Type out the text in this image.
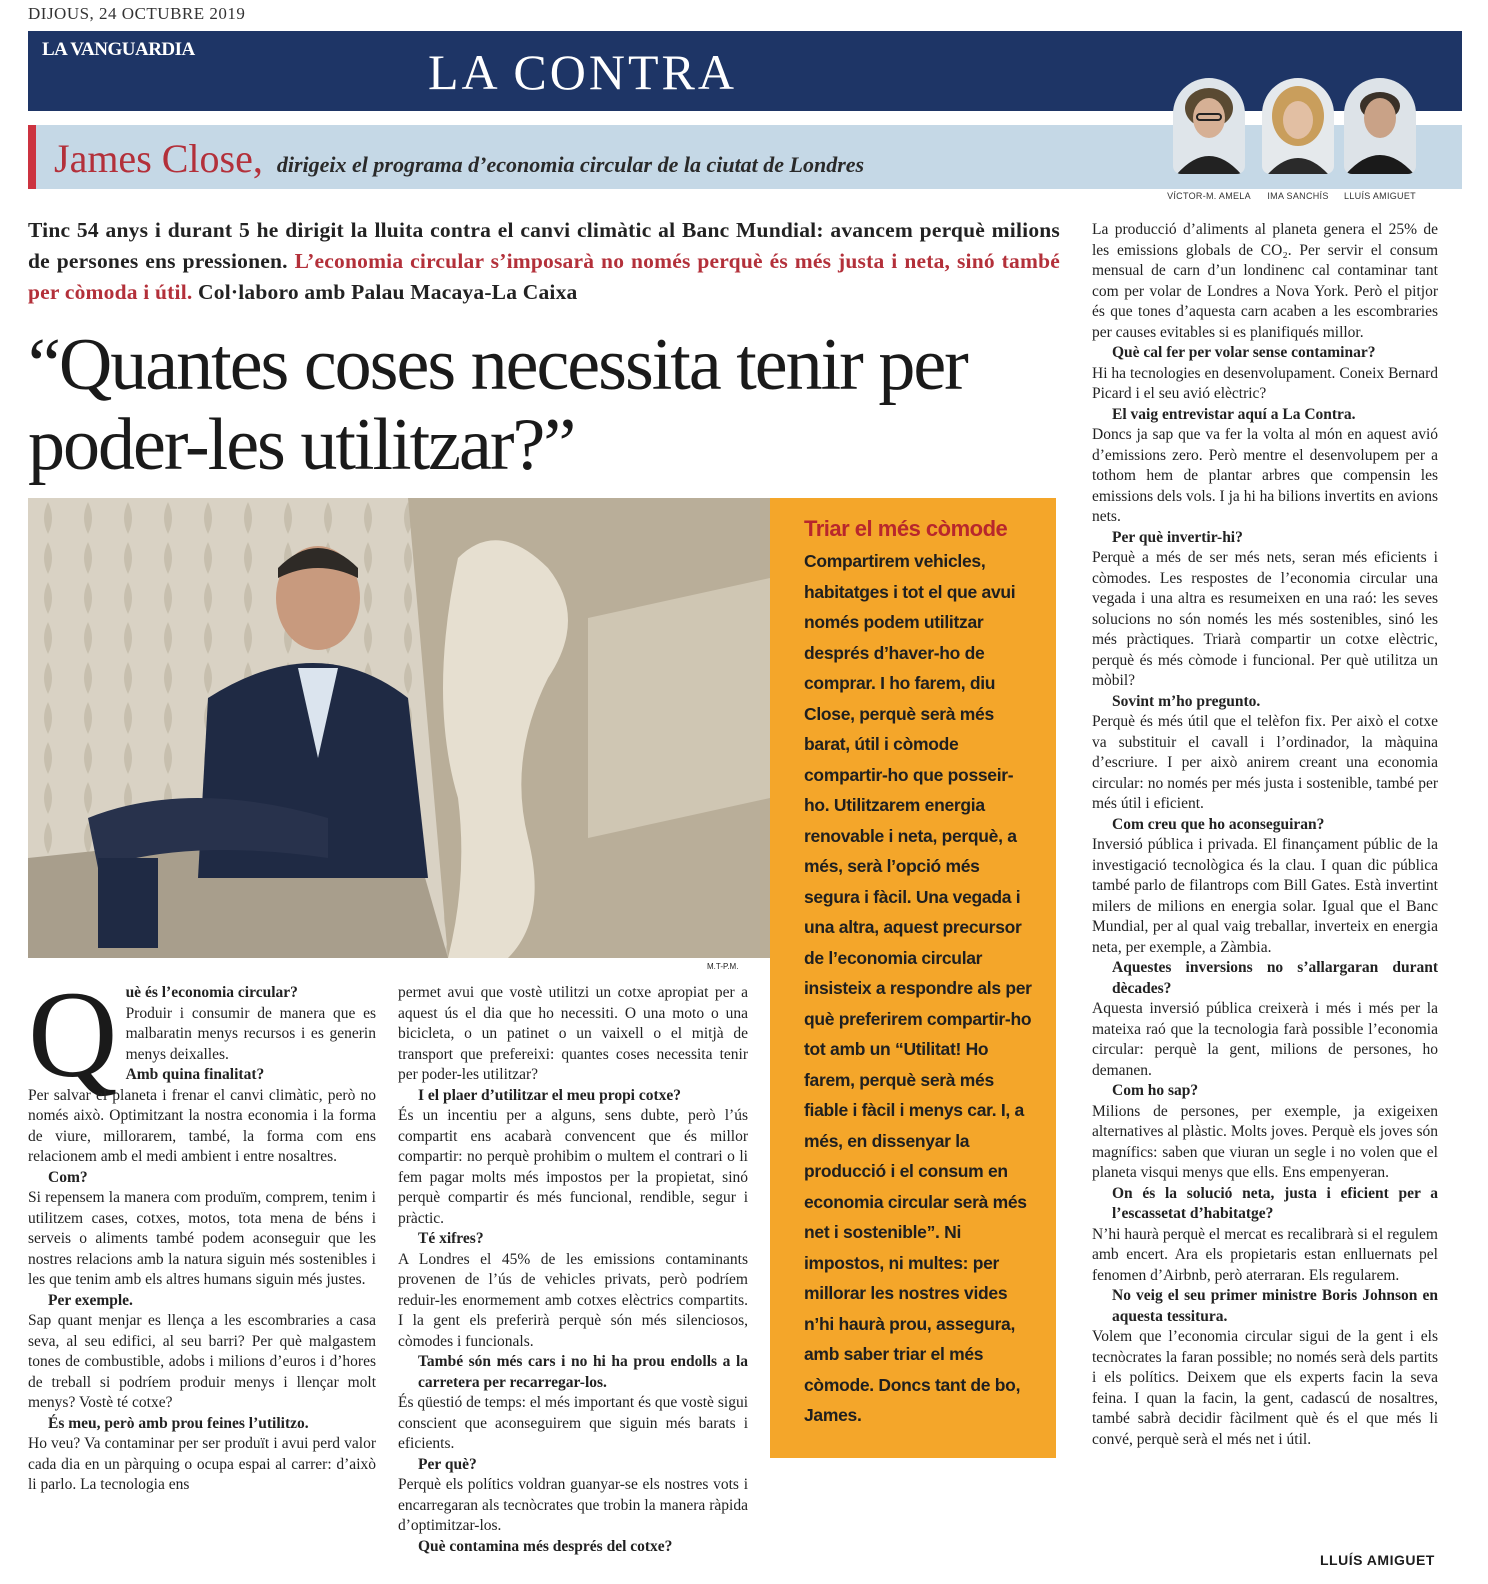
DIJOUS, 24 OCTUBRE 2019
LA VANGUARDIA	LA CONTRA
James Close, dirigeix el programa d’economia circular de la ciutat de Londres
VÍCTOR-M. AMELA	IMA SANCHÍS	LLUÍS AMIGUET
Tinc 54 anys i durant 5 he dirigit la lluita contra el canvi climàtic al Banc Mundial: avancem perquè milions de persones ens pressionen. L’economia circular s’imposarà no només perquè és més justa i neta, sinó també per còmoda i útil. Col·laboro amb Palau Macaya-La Caixa
“Quantes coses necessita tenir per poder-les utilitzar?”
M.T-P.M.
Triar el més còmode
Compartirem vehicles, habitatges i tot el que avui només podem utilitzar després d’haver-ho de comprar. I ho farem, diu Close, perquè serà més barat, útil i còmode compartir-ho que posseir-ho. Utilitzarem energia renovable i neta, perquè, a més, serà l’opció més segura i fàcil. Una vegada i una altra, aquest precursor de l’economia circular insisteix a respondre als per què preferirem compartir-ho tot amb un “Utilitat! Ho farem, perquè serà més fiable i fàcil i menys car. I, a més, en dissenyar la producció i el consum en economia circular serà més net i sostenible”. Ni impostos, ni multes: per millorar les nostres vides n’hi haurà prou, assegura, amb saber triar el més còmode. Doncs tant de bo, James.
Q uè és l’economia circular?

Produir i consumir de manera que es malbaratin menys recursos i es generin menys deixalles.

Amb quina finalitat?

Per salvar el planeta i frenar el canvi climàtic, però no només això. Optimitzant la nostra economia i la forma de viure, millorarem, també, la forma com ens relacionem amb el medi ambient i entre nosaltres.

Com?

Si repensem la manera com produïm, comprem, tenim i utilitzem cases, cotxes, motos, tota mena de béns i serveis o aliments també podem aconseguir que les nostres relacions amb la natura siguin més sostenibles i les que tenim amb els altres humans siguin més justes.

Per exemple.

Sap quant menjar es llença a les escombraries a casa seva, al seu edifici, al seu barri? Per què malgastem tones de combustible, adobs i milions d’euros i d’hores de treball si podríem produir menys i llençar molt menys? Vostè té cotxe?

És meu, però amb prou feines l’utilitzo.

Ho veu? Va contaminar per ser produït i avui perd valor cada dia en un pàrquing o ocupa espai al carrer: d’això li parlo. La tecnologia ens

permet avui que vostè utilitzi un cotxe apropiat per a aquest ús el dia que ho necessiti. O una moto o una bicicleta, o un patinet o un vaixell o el mitjà de transport que prefereixi: quantes coses necessita tenir per poder-les utilitzar?

I el plaer d’utilitzar el meu propi cotxe?

És un incentiu per a alguns, sens dubte, però l’ús compartit ens acabarà convencent que és millor compartir: no perquè prohibim o multem el contrari o li fem pagar molts més impostos per la propietat, sinó perquè compartir és més funcional, rendible, segur i pràctic.

Té xifres?

A Londres el 45% de les emissions contaminants provenen de l’ús de vehicles privats, però podríem reduir-les enormement amb cotxes elèctrics compartits. I la gent els preferirà perquè són més silenciosos, còmodes i funcionals.

També són més cars i no hi ha prou endolls a la carretera per recarregar-los.

És qüestió de temps: el més important és que vostè sigui conscient que aconseguirem que siguin més barats i eficients.

Per què?

Perquè els polítics voldran guanyar-se els nostres vots i encarregaran als tecnòcrates que trobin la manera ràpida d’optimitzar-los.

Què contamina més després del cotxe?

La producció d’aliments al planeta genera el 25% de les emissions globals de CO₂. Per servir el consum mensual de carn d’un londinenc cal contaminar tant com per volar de Londres a Nova York. Però el pitjor és que tones d’aquesta carn acaben a les escombraries per causes evitables si es planifiqués millor.

Què cal fer per volar sense contaminar?

Hi ha tecnologies en desenvolupament. Coneix Bernard Picard i el seu avió elèctric?

El vaig entrevistar aquí a La Contra.

Doncs ja sap que va fer la volta al món en aquest avió d’emissions zero. Però mentre el desenvolupem per a tothom hem de plantar arbres que compensin les emissions dels vols. I ja hi ha bilions invertits en avions nets.

Per què invertir-hi?

Perquè a més de ser més nets, seran més eficients i còmodes. Les respostes de l’economia circular una vegada i una altra es resumeixen en una raó: les seves solucions no són només les més sostenibles, sinó les més pràctiques. Triarà compartir un cotxe elèctric, perquè és més còmode i funcional. Per què utilitza un mòbil?

Sovint m’ho pregunto.

Perquè és més útil que el telèfon fix. Per això el cotxe va substituir el cavall i l’ordinador, la màquina d’escriure. I per això anirem creant una economia circular: no només per més justa i sostenible, també per més útil i eficient.

Com creu que ho aconseguiran?

Inversió pública i privada. El finançament públic de la investigació tecnològica és la clau. I quan dic pública també parlo de filantrops com Bill Gates. Està invertint milers de milions en energia solar. Igual que el Banc Mundial, per al qual vaig treballar, inverteix en energia neta, per exemple, a Zàmbia.

Aquestes inversions no s’allargaran durant dècades?

Aquesta inversió pública creixerà i més i més per la mateixa raó que la tecnologia farà possible l’economia circular: perquè la gent, milions de persones, ho demanen.

Com ho sap?

Milions de persones, per exemple, ja exigeixen alternatives al plàstic. Molts joves. Perquè els joves són magnífics: saben que viuran un segle i no volen que el planeta visqui menys que ells. Ens empenyeran.

On és la solució neta, justa i eficient per a l’escassetat d’habitatge?

N’hi haurà perquè el mercat es recalibrarà si el regulem amb encert. Ara els propietaris estan enlluernats pel fenomen d’Airbnb, però aterraran. Els regularem.

No veig el seu primer ministre Boris Johnson en aquesta tessitura.

Volem que l’economia circular sigui de la gent i els tecnòcrates la faran possible; no només serà dels partits i els polítics. Deixem que els experts facin la seva feina. I quan la facin, la gent, cadascú de nosaltres, també sabrà decidir fàcilment què és el que més li convé, perquè serà el més net i útil.

LLUÍS AMIGUET
